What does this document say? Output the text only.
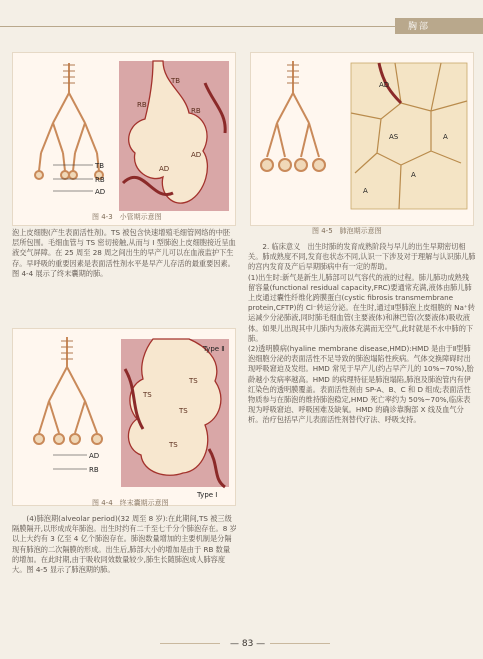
胸部
TB
RB
AD
TB
RB
RB
AD
AD
图 4-3　小管期示意图
泡上皮细胞(产生表面活性剂)。TS 被包含快速增殖毛细管网络的中胚层所包围。毛细血管与 TS 密切接触,从而与 I 型肺泡上皮细胞接近呈血液交气屏障。在 25 周至 28 周之间出生的早产儿可以在血液监护下生存。早呼吸的重要因素是表面活性剂水平是早产儿存活的最重要因素。图 4-4 展示了终末囊期的肺。
AD
RB
Type Ⅱ
TS
TS
TS
TS
Type Ⅰ
图 4-4　终末囊期示意图
(4)肺泡期(alveolar period)(32 周至 8 岁):在此期间,TS 被三级隔膜隔开,以形成成年肺泡。出生时约有二千至七千分个肺泡存在。8 岁以上大约有 3 亿至 4 亿个肺泡存在。肺泡数量增加的主要机制是分隔现有肺泡的二次隔膜的形成。出生后,肺部大小的增加是由于 RB 数量的增加。在此时期,由于吸收同效数量较少,肺生长随肺泡成人肺容度大。图 4-5 显示了肺泡期的肺。
AD
AS
A
A
A
图 4-5　肺泡期示意图
2. 临床意义　出生时肺的发育成熟阶段与早儿的出生早期密切相关。肺成熟度不同,发育也状态不同,认识一下涉及对于理解与认识肺儿肺的宫内发育及产后早期肺病中有一定的帮助。
(1)出生时:新气是新生儿肺部可以气容代的液的过程。肺儿肺功成熟残留容量(functional residual capacity,FRC)要通常充满,液体由肺儿肺上皮通过囊性纤维化跨膜蛋白(cystic fibrosis transmembrane protein,CFTP)的 Cl⁻转运分泌。在生时,通过Ⅱ型肺泡上皮细胞的 Na⁺转运减少分泌肺液,同时肺毛细血管(主要液体)和淋巴管(次要液体)吸收液体。如果儿出现其中儿肺内为液体充满而无空气,此时就是不水中肺的下肺。
(2)透明膜病(hyaline membrane disease,HMD):HMD 是由于Ⅱ型肺泡细胞分泌的表面活性不足导致的肺泡塌陷性疾病。气体交换障碍时出现呼吸窘迫及发绀。HMD 常见于早产儿(约占早产儿的 10%~70%),胎龄越小发病率越高。HMD 的病理特征是肺泡塌陷,肺泡及肺泡管内有伊红染色的透明膜覆盖。表面活性剂由 SP-A、B、C 和 D 组成;表面活性物质参与在肺泡的维持肺泡稳定,HMD 死亡率约为 50%~70%,临床表现为呼吸窘迫、呼吸困难及缺氧。HMD 的确诊靠胸部 X 线及血气分析。治疗包括早产儿表面活性剂替代疗法、呼吸支持。
— 83 —
